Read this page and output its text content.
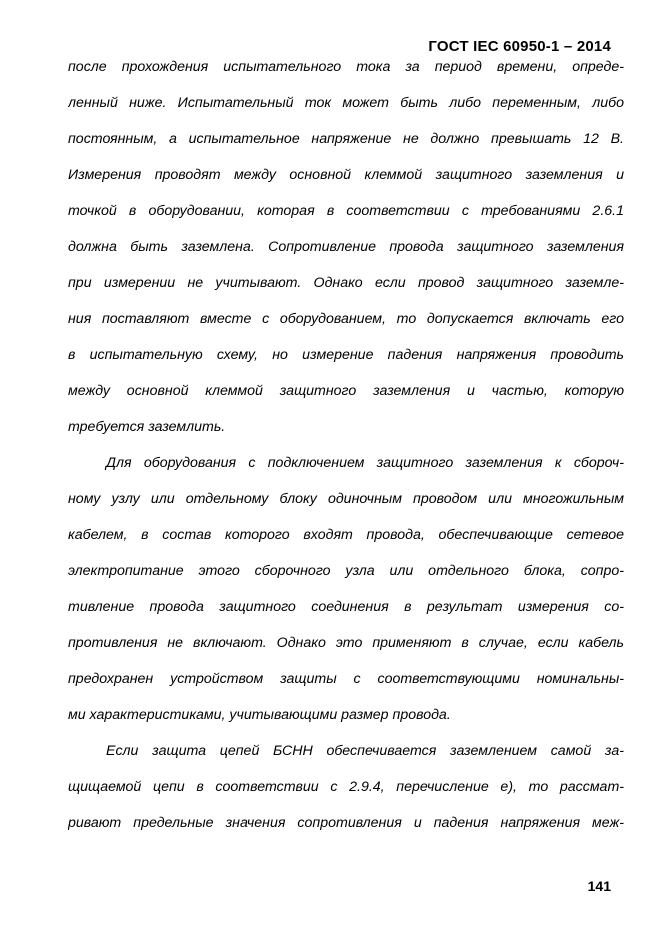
ГОСТ IEC 60950-1 – 2014
после прохождения испытательного тока за период времени, опреде-
ленный ниже. Испытательный ток может быть либо переменным, либо
постоянным, а испытательное напряжение не должно превышать 12 В.
Измерения проводят между основной клеммой защитного заземления и
точкой в оборудовании, которая в соответствии с требованиями 2.6.1
должна быть заземлена. Сопротивление провода защитного заземления
при измерении не учитывают. Однако если провод защитного заземле-
ния поставляют вместе с оборудованием, то допускается включать его
в испытательную схему, но измерение падения напряжения проводить
между основной клеммой защитного заземления и частью, которую
требуется заземлить.
Для оборудования с подключением защитного заземления к сбороч-
ному узлу или отдельному блоку одиночным проводом или многожильным
кабелем, в состав которого входят провода, обеспечивающие сетевое
электропитание этого сборочного узла или отдельного блока, сопро-
тивление провода защитного соединения в результат измерения со-
противления не включают. Однако это применяют в случае, если кабель
предохранен устройством защиты с соответствующими номинальны-
ми характеристиками, учитывающими размер провода.
Если защита цепей БСНН обеспечивается заземлением самой за-
щищаемой цепи в соответствии с 2.9.4, перечисление е), то рассмат-
ривают предельные значения сопротивления и падения напряжения меж-
141
